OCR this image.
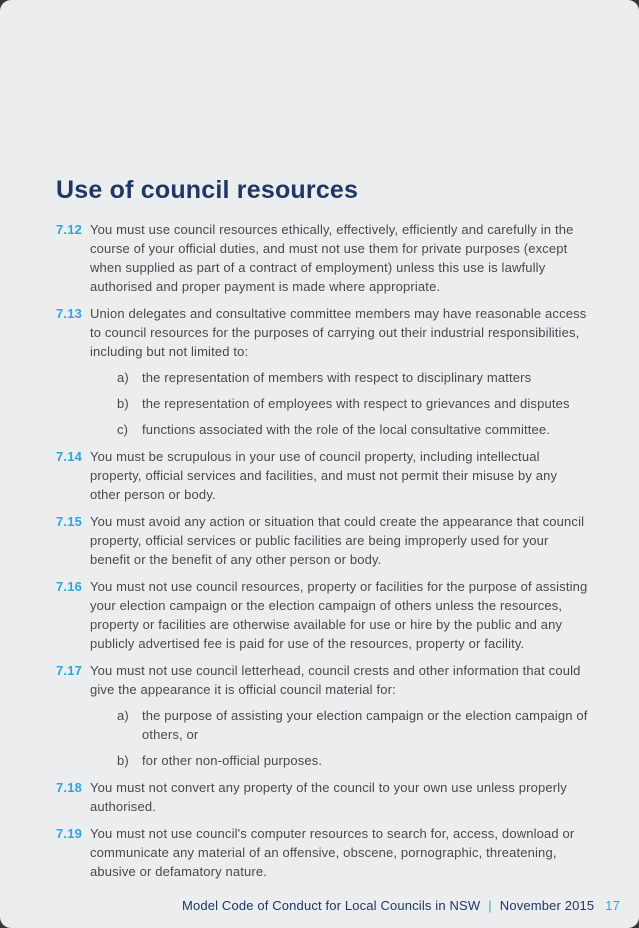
Use of council resources
7.12 You must use council resources ethically, effectively, efficiently and carefully in the course of your official duties, and must not use them for private purposes (except when supplied as part of a contract of employment) unless this use is lawfully authorised and proper payment is made where appropriate.

7.13 Union delegates and consultative committee members may have reasonable access to council resources for the purposes of carrying out their industrial responsibilities, including but not limited to:

a)	the representation of members with respect to disciplinary matters
b)	the representation of employees with respect to grievances and disputes
c)	functions associated with the role of the local consultative committee.
7.14 You must be scrupulous in your use of council property, including intellectual property, official services and facilities, and must not permit their misuse by any other person or body.

7.15 You must avoid any action or situation that could create the appearance that council property, official services or public facilities are being improperly used for your benefit or the benefit of any other person or body.

7.16 You must not use council resources, property or facilities for the purpose of assisting your election campaign or the election campaign of others unless the resources, property or facilities are otherwise available for use or hire by the public and any publicly advertised fee is paid for use of the resources, property or facility.

7.17 You must not use council letterhead, council crests and other information that could give the appearance it is official council material for:

a)	the purpose of assisting your election campaign or the election campaign of others, or
b)	for other non-official purposes.
7.18 You must not convert any property of the council to your own use unless properly authorised.

7.19 You must not use council's computer resources to search for, access, download or communicate any material of an offensive, obscene, pornographic, threatening, abusive or defamatory nature.

Model Code of Conduct for Local Councils in NSW | November 2015 17
